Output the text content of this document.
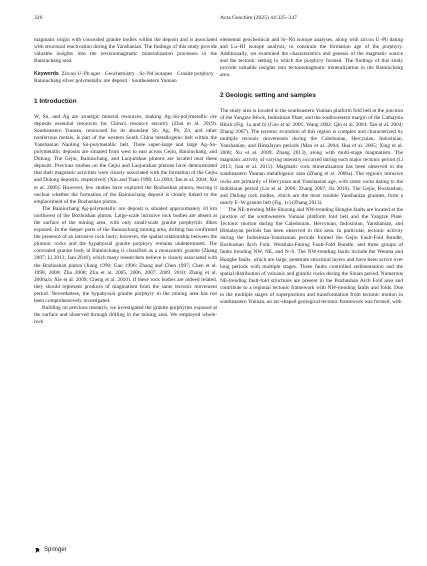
326	Acta Geochim (2025) 44:325–347

magmatic origin with concealed granite bodies within the deposit and is associated with structural reactivation during the Yanshanian. The findings of this study provide valuable insights into the tectonomagmatic mineralization processes in the Bainiuchang area.

Keywords Zircon U–Pb ages · Geochemistry · Sr–Nd isotopes · Granite porphyry · Bainiuchang silver polymetallic ore deposit · Southeastern Yunnan

1 Introduction

W, Sn, and Ag are strategic mineral resources, making Ag–Sn-polymetallic ore deposits essential resources for China's resource security (Zhai et al. 2019). Southeastern Yunnan, renowned for its abundant Sn, Ag, Pb, Zn, and other nonferrous metals, is part of the western South China metallogenic belt within the Yanshanian Nanling Sn-polymetallic belt. Three super-large and large Ag–Sn-polymetallic deposits are situated from west to east across Gejiu, Bainiuchang, and Dulong. The Gejiu, Bainiuchang, and Laojunshan plutons are located near these deposits. Previous studies on the Gejiu and Laojunshan plutons have demonstrated that their magmatic activities were closely associated with the formation of the Gejiu and Dulong deposits, respectively (Xin and Yuan 1998; Lu 2004; Tan et al. 2004; Xie et al. 2009). However, few studies have explored the Bozhushan pluton, leaving it unclear whether the formation of the Bainiuchang deposit is closely linked to the emplacement of the Bozhushan pluton.

The Bainiuchang Ag-polymetallic ore deposit is situated approximately 10 km northwest of the Bozhushan pluton. Large-scale intrusive rock bodies are absent at the surface of the mining area, with only small-scale granite porphyritic dikes exposed. In the deeper parts of the Bainiuchang mining area, drilling has confirmed the presence of an intrusive rock body; however, the spatial relationship between the plutonic rocks and the hypabyssal granite porphyry remains undetermined. The concealed granite body at Bainiuchang is classified as a monzonitic granite (Zhang 2007; Li 2013; Jian 2016), which many researchers believe is closely associated with the Bozhushan pluton (Jiang 1990; Gao 1996; Zhang and Chen 1997; Chen et al. 1998, 2000; Zhu 2008; Zhu et al. 2005, 2006, 2007, 2009, 2010; Zhang et al. 2006a,b; Xie et al. 2009; Cheng et al. 2010). If these rock bodies are indeed related, they should represent products of magmatism from the same tectonic movement period. Nevertheless, the hypabyssal granite porphyry in the mining area has not been comprehensively investigated.

Building on previous research, we investigated the granite porphyries exposed at the surface and observed through drilling in the mining area. We employed whole-rock

elemental geochemical and Sr–Nd isotope analyses, along with zircon U–Pb dating and Lu–Hf isotope analysis, to constrain the formation age of the porphyry. Additionally, we examined the characteristics and genesis of the magmatic source and the tectonic setting in which the porphyry formed. The findings of this study provide valuable insights into tectonomagmatic mineralization in the Bainiuchang area.

2 Geologic setting and samples

The study area is located in the southeastern Yunnan platform fold belt at the junction of the Yangtze Block, Indosinian Plate, and the southwestern margin of the Cathaysia Block (Fig. 1a and b) (Guo et al. 2001; Wang 2002; Qin et al. 2004; Tan et al. 2004; Zhang 2007). The tectonic evolution of this region is complex and characterized by multiple tectonic movements during the Caledonian, Hercynian, Indosinian, Yanshanian, and Himalayan periods (Mao et al. 2004; Hua et al. 2005; Xing et al. 2008; Xu et al. 2009; Zhang 2013), along with multi-stage magmatism. The magmatic activity of varying intensity occurred during each major tectonic period (Li 2013; Jian et al. 2015). Magmatic rock mineralization has been observed in the southeastern Yunnan metallogenic area (Zhang et al. 2006a). The region's intrusive rocks are primarily of Hercynian and Yanshanian age, with some rocks dating to the Indosinian period (Liu et al. 2006; Zhang 2007; Jia 2010). The Gejiu, Bozhushan, and Dulong rock bodies, which are the most notable Yanshanian granites, form a nearly E–W granite belt (Fig. 1c) (Zhang 2013).

The NE-trending Mile-Shizong and NW-trending Honghe faults are located at the junction of the southwestern Yunnan platform fold belt and the Yangtze Plate. Tectonic motion during the Caledonian, Hercynian, Indosinian, Yanshanian, and Himalayan periods has been observed in this area. In particular, tectonic activity during the Indosinian-Yanshanian periods formed the Gejiu Fault-Fold Bundle, Bozhushan Arch Fold, Wenshan-Funing Fault-Fold Bundle, and three groups of faults trending NW, NE, and N–S. The NW-trending faults include the Wenma and Honghe faults, which are large, penetrate structural layers and have been active over long periods with multiple stages. These faults controlled sedimentation and the spatial distribution of volcanic and granitic rocks during the Sinian period. Numerous NE-trending fault-fold structures are present in the Bozhushan Arch Fold area and contribute to a regional tectonic framework with NW-trending faults and folds. Due to the multiple stages of superposition and transformation from tectonic motion in southeastern Yunnan, an arc-shaped geological tectonic framework was formed, with

Springer
